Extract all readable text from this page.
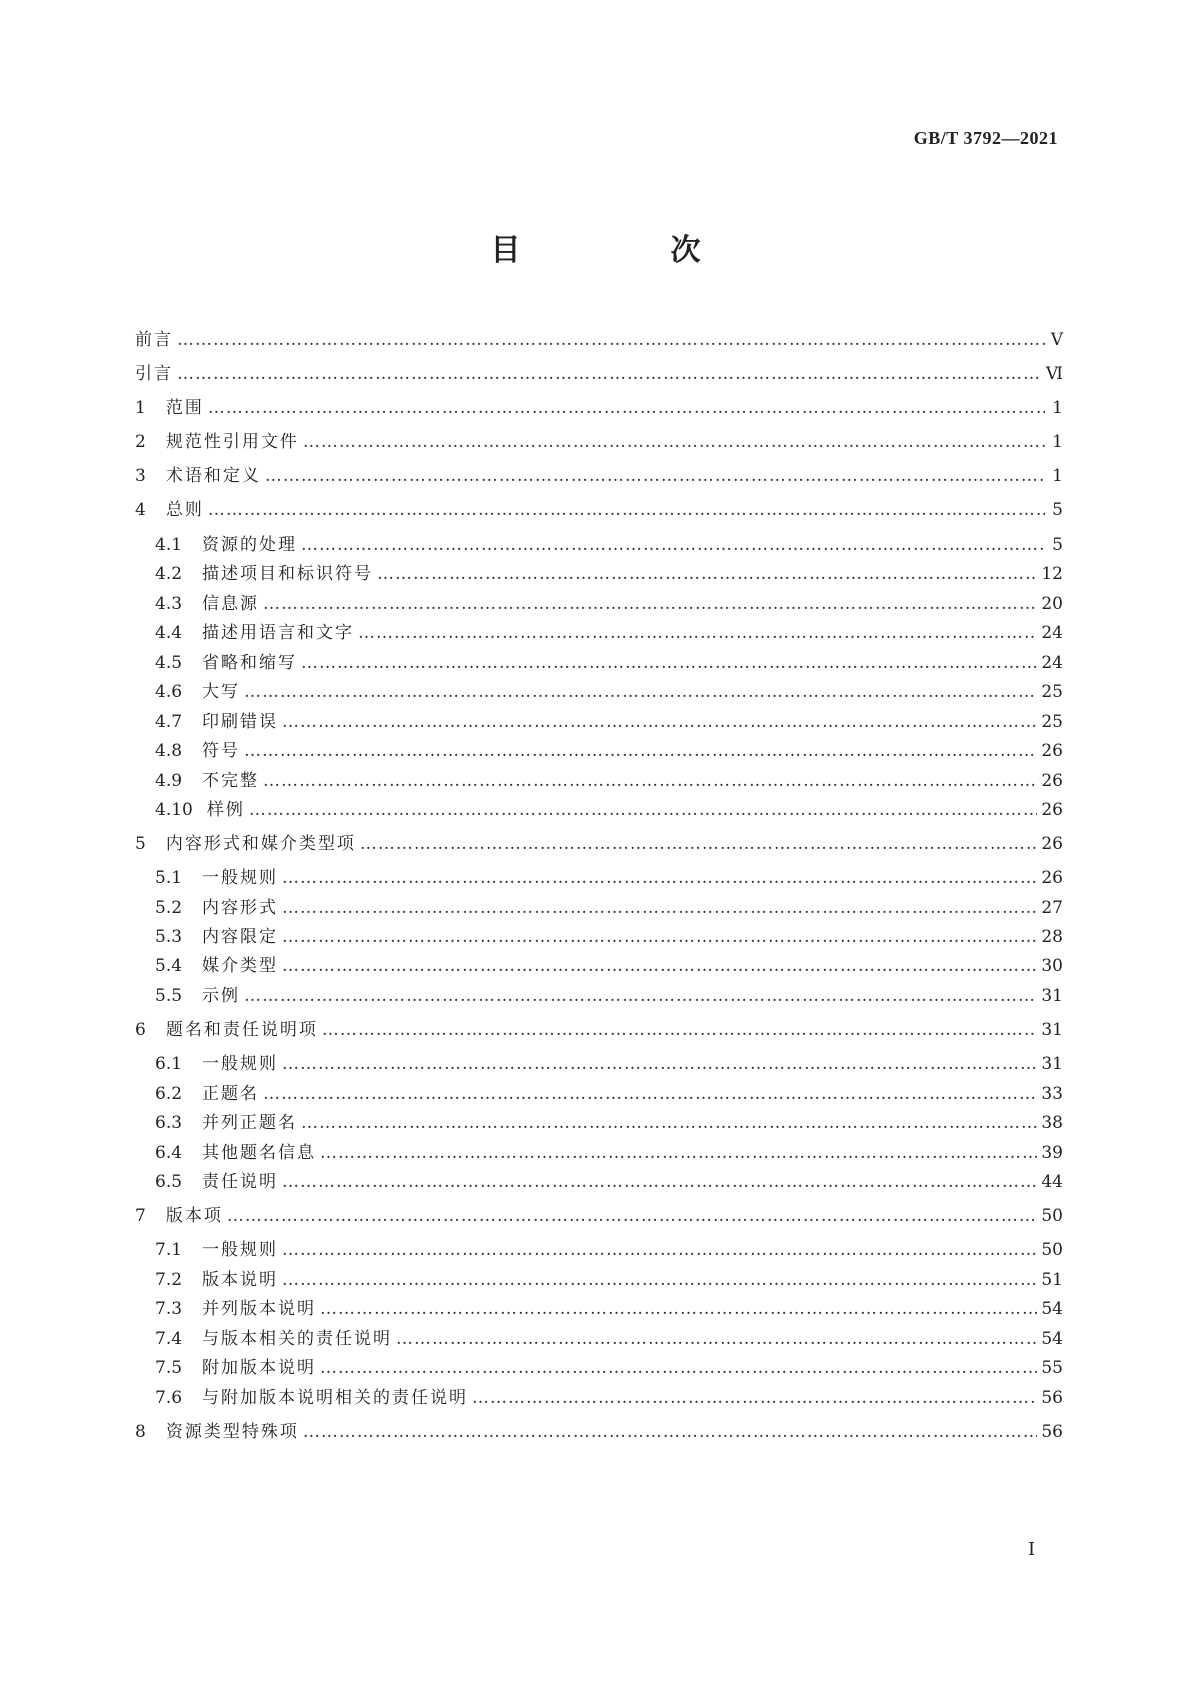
GB/T 3792—2021
目　次
前言 ……………………………………………………………………………………………………………………………………………………………………………………………………………………………………………………………………………………………	Ⅴ
引言 ……………………………………………………………………………………………………………………………………………………………………………………………………………………………………………………………………………………………	Ⅵ
1 范围 ……………………………………………………………………………………………………………………………………………………………………………………………………………………………………………………………………………………………	1
2 规范性引用文件 ……………………………………………………………………………………………………………………………………………………………………………………………………………………………………………………………………………………………	1
3 术语和定义 ……………………………………………………………………………………………………………………………………………………………………………………………………………………………………………………………………………………………	1
4 总则 ……………………………………………………………………………………………………………………………………………………………………………………………………………………………………………………………………………………………	5
4.1 资源的处理 ……………………………………………………………………………………………………………………………………………………………………………………………………………………………………………………………………………………………	5
4.2 描述项目和标识符号 ……………………………………………………………………………………………………………………………………………………………………………………………………………………………………………………………………………………………	12
4.3 信息源 ……………………………………………………………………………………………………………………………………………………………………………………………………………………………………………………………………………………………	20
4.4 描述用语言和文字 ……………………………………………………………………………………………………………………………………………………………………………………………………………………………………………………………………………………………	24
4.5 省略和缩写 ……………………………………………………………………………………………………………………………………………………………………………………………………………………………………………………………………………………………	24
4.6 大写 ……………………………………………………………………………………………………………………………………………………………………………………………………………………………………………………………………………………………	25
4.7 印刷错误 ……………………………………………………………………………………………………………………………………………………………………………………………………………………………………………………………………………………………	25
4.8 符号 ……………………………………………………………………………………………………………………………………………………………………………………………………………………………………………………………………………………………	26
4.9 不完整 ……………………………………………………………………………………………………………………………………………………………………………………………………………………………………………………………………………………………	26
4.10 样例 ……………………………………………………………………………………………………………………………………………………………………………………………………………………………………………………………………………………………	26
5 内容形式和媒介类型项 ……………………………………………………………………………………………………………………………………………………………………………………………………………………………………………………………………………………………	26
5.1 一般规则 ……………………………………………………………………………………………………………………………………………………………………………………………………………………………………………………………………………………………	26
5.2 内容形式 ……………………………………………………………………………………………………………………………………………………………………………………………………………………………………………………………………………………………	27
5.3 内容限定 ……………………………………………………………………………………………………………………………………………………………………………………………………………………………………………………………………………………………	28
5.4 媒介类型 ……………………………………………………………………………………………………………………………………………………………………………………………………………………………………………………………………………………………	30
5.5 示例 ……………………………………………………………………………………………………………………………………………………………………………………………………………………………………………………………………………………………	31
6 题名和责任说明项 ……………………………………………………………………………………………………………………………………………………………………………………………………………………………………………………………………………………………	31
6.1 一般规则 ……………………………………………………………………………………………………………………………………………………………………………………………………………………………………………………………………………………………	31
6.2 正题名 ……………………………………………………………………………………………………………………………………………………………………………………………………………………………………………………………………………………………	33
6.3 并列正题名 ……………………………………………………………………………………………………………………………………………………………………………………………………………………………………………………………………………………………	38
6.4 其他题名信息 ……………………………………………………………………………………………………………………………………………………………………………………………………………………………………………………………………………………………	39
6.5 责任说明 ……………………………………………………………………………………………………………………………………………………………………………………………………………………………………………………………………………………………	44
7 版本项 ……………………………………………………………………………………………………………………………………………………………………………………………………………………………………………………………………………………………	50
7.1 一般规则 ……………………………………………………………………………………………………………………………………………………………………………………………………………………………………………………………………………………………	50
7.2 版本说明 ……………………………………………………………………………………………………………………………………………………………………………………………………………………………………………………………………………………………	51
7.3 并列版本说明 ……………………………………………………………………………………………………………………………………………………………………………………………………………………………………………………………………………………………	54
7.4 与版本相关的责任说明 ……………………………………………………………………………………………………………………………………………………………………………………………………………………………………………………………………………………………	54
7.5 附加版本说明 ……………………………………………………………………………………………………………………………………………………………………………………………………………………………………………………………………………………………	55
7.6 与附加版本说明相关的责任说明 ……………………………………………………………………………………………………………………………………………………………………………………………………………………………………………………………………………………………	56
8 资源类型特殊项 ……………………………………………………………………………………………………………………………………………………………………………………………………………………………………………………………………………………………	56
I
